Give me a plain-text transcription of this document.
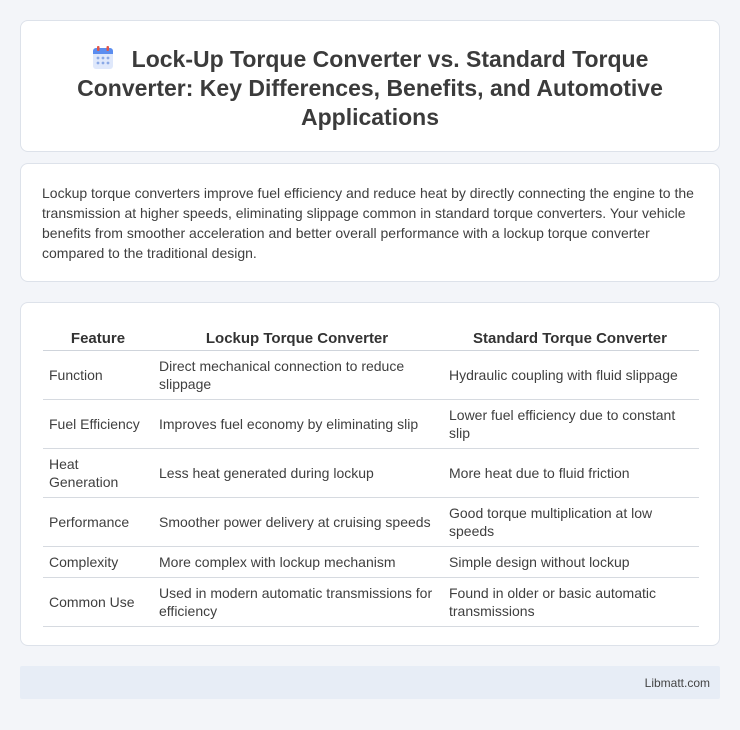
Lock-Up Torque Converter vs. Standard Torque Converter: Key Differences, Benefits, and Automotive Applications

Lockup torque converters improve fuel efficiency and reduce heat by directly connecting the engine to the transmission at higher speeds, eliminating slippage common in standard torque converters. Your vehicle benefits from smoother acceleration and better overall performance with a lockup torque converter compared to the traditional design.

Feature	Lockup Torque Converter	Standard Torque Converter
Function	Direct mechanical connection to reduce slippage	Hydraulic coupling with fluid slippage
Fuel Efficiency	Improves fuel economy by eliminating slip	Lower fuel efficiency due to constant slip
Heat Generation	Less heat generated during lockup	More heat due to fluid friction
Performance	Smoother power delivery at cruising speeds	Good torque multiplication at low speeds
Complexity	More complex with lockup mechanism	Simple design without lockup
Common Use	Used in modern automatic transmissions for efficiency	Found in older or basic automatic transmissions
Libmatt.com
